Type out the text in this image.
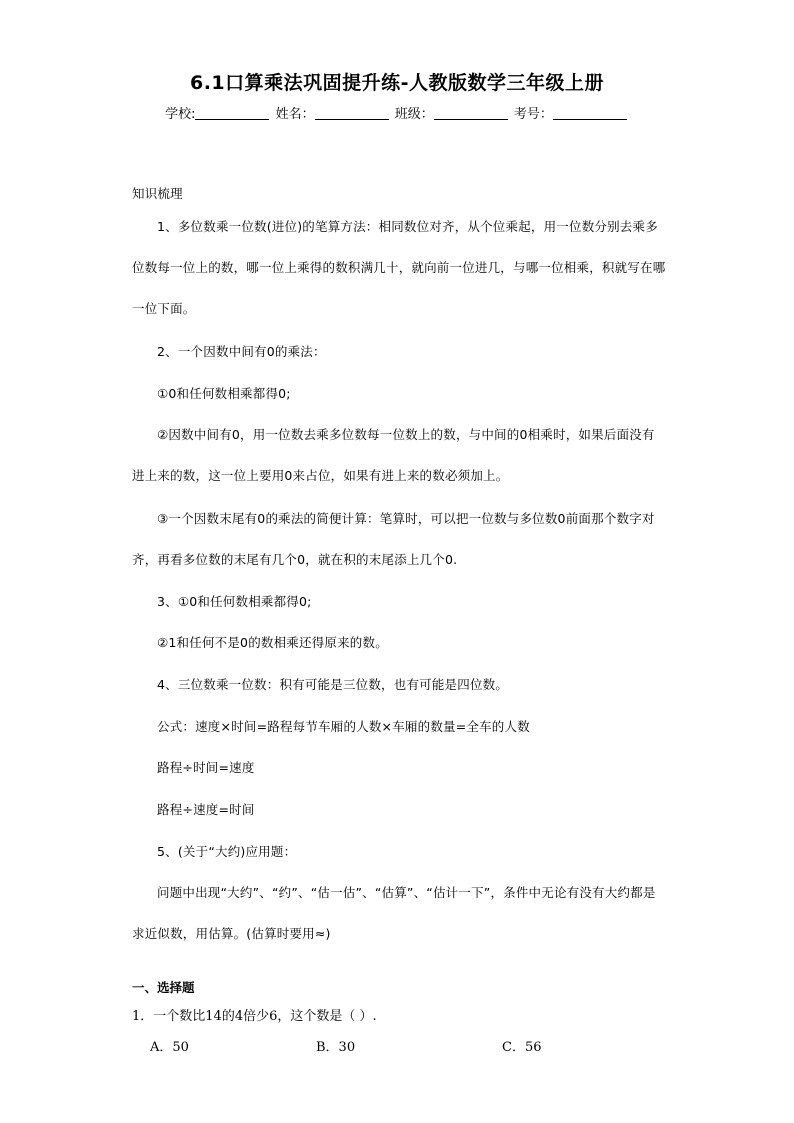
6.1口算乘法巩固提升练-人教版数学三年级上册
学校:	姓名：	班级：	考号：
知识梳理
1、多位数乘一位数(进位)的笔算方法：相同数位对齐，从个位乘起，用一位数分别去乘多位数每一位上的数，哪一位上乘得的数积满几十，就向前一位进几，与哪一位相乘，积就写在哪一位下面。
2、一个因数中间有0的乘法：
①0和任何数相乘都得0;
②因数中间有0，用一位数去乘多位数每一位数上的数，与中间的0相乘时，如果后面没有进上来的数，这一位上要用0来占位，如果有进上来的数必须加上。
③一个因数末尾有0的乘法的简便计算：笔算时，可以把一位数与多位数0前面那个数字对齐，再看多位数的末尾有几个0，就在积的末尾添上几个0.
3、①0和任何数相乘都得0;
②1和任何不是0的数相乘还得原来的数。
4、三位数乘一位数：积有可能是三位数，也有可能是四位数。
公式：速度×时间=路程每节车厢的人数×车厢的数量=全车的人数
路程÷时间=速度
路程÷速度=时间
5、(关于“大约)应用题：
问题中出现“大约”、“约”、“估一估”、“估算”、“估计一下”，条件中无论有没有大约都是求近似数，用估算。(估算时要用≈)
一、选择题
1．一个数比14的4倍少6，这个数是（ ）.
A．50	B．30	C．56
